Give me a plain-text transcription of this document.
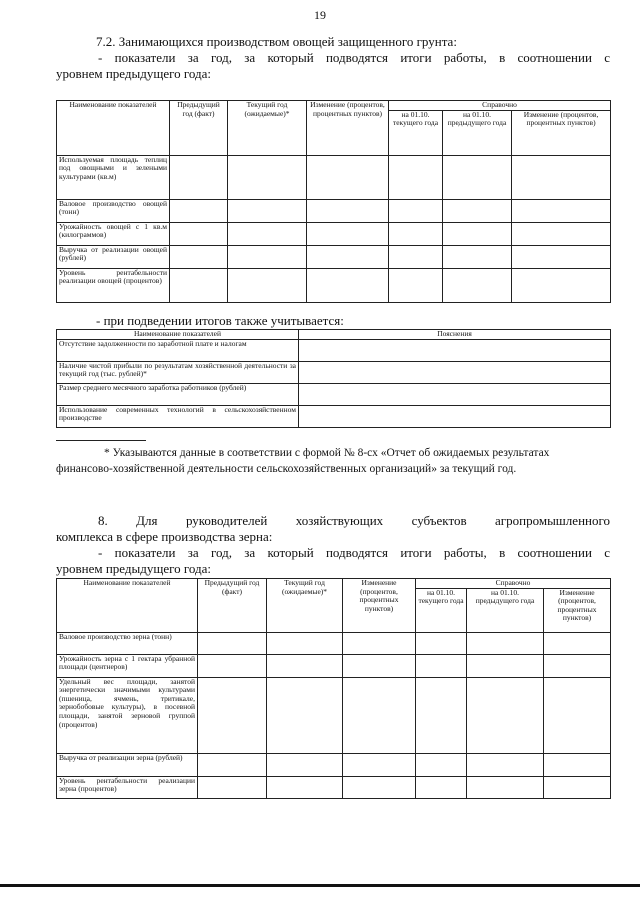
19
7.2. Занимающихся производством овощей защищенного грунта:
- показатели за год, за который подводятся итоги работы, в соотношении с
уровнем предыдущего года:
Наименование показателей	Предыдущий год (факт)	Текущий год (ожидаемые)*	Изменение (процентов, процентных пунктов)	Справочно		
				на 01.10. текущего года	на 01.10. предыдущего года	Изменение (процентов, процентных пунктов)
Используемая площадь теплиц под овощными и зелеными культурами (кв.м)						
Валовое производство овощей (тонн)						
Урожайность овощей с 1 кв.м (килограммов)						
Выручка от реализации овощей (рублей)						
Уровень рентабельности реализации овощей (процентов)						
- при подведении итогов также учитывается:
Наименование показателей	Пояснения
Отсутствие задолженности по заработной плате и налогам	
Наличие чистой прибыли по результатам хозяйственной деятельности за текущий год (тыс. рублей)*	
Размер среднего месячного заработка работников (рублей)	
Использование современных технологий в сельскохозяйственном производстве	
* Указываются данные в соответствии с формой № 8-сх «Отчет об ожидаемых результатах
финансово-хозяйственной деятельности сельскохозяйственных организаций» за текущий год.
8. Для руководителей хозяйствующих субъектов агропромышленного
комплекса в сфере производства зерна:
- показатели за год, за который подводятся итоги работы, в соотношении с
уровнем предыдущего года:
Наименование показателей	Предыдущий год (факт)	Текущий год (ожидаемые)*	Изменение (процентов, процентных пунктов)	Справочно		
				на 01.10. текущего года	на 01.10. предыдущего года	Изменение (процентов, процентных пунктов)
Валовое производство зерна (тонн)						
Урожайность зерна с 1 гектара убранной площади (центнеров)						
Удельный вес площади, занятой энергетически значимыми культурами (пшеница, ячмень, тритикале, зернобобовые культуры), в посевной площади, занятой зерновой группой (процентов)						
Выручка от реализации зерна (рублей)						
Уровень рентабельности реализации зерна (процентов)						
